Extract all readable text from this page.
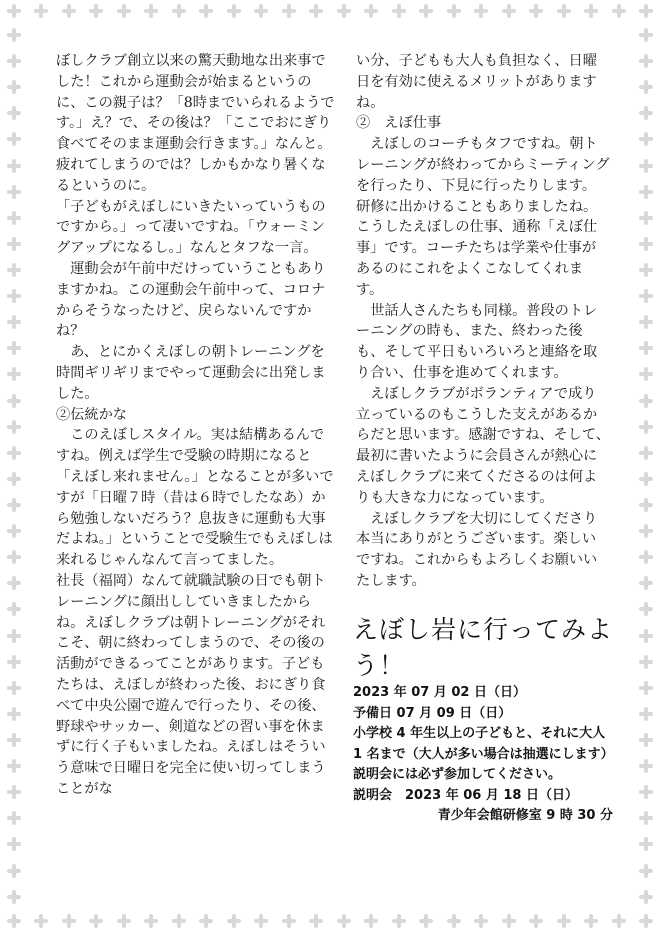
ぼしクラブ創立以来の驚天動地な出来事でした！これから運動会が始まるというのに、この親子は？「8時までいられるようです。」え？で、その後は？「ここでおにぎり食べてそのまま運動会行きます。」なんと。疲れてしまうのでは？しかもかなり暑くなるというのに。

「子どもがえぼしにいきたいっていうものですから。」って凄いですね。「ウォーミングアップになるし。」なんとタフな一言。

運動会が午前中だけっていうこともありますかね。この運動会午前中って、コロナからそうなったけど、戻らないんですかね？

あ、とにかくえぼしの朝トレーニングを時間ギリギリまでやって運動会に出発しました。

②伝統かな

このえぼしスタイル。実は結構あるんですね。例えば学生で受験の時期になると「えぼし来れません。」となることが多いですが「日曜７時（昔は６時でしたなあ）から勉強しないだろう？息抜きに運動も大事だよね。」ということで受験生でもえぼしは来れるじゃんなんて言ってました。

社長（福岡）なんて就職試験の日でも朝トレーニングに顔出ししていきましたからね。えぼしクラブは朝トレーニングがそれこそ、朝に終わってしまうので、その後の活動ができるってことがあります。子どもたちは、えぼしが終わった後、おにぎり食べて中央公園で遊んで行ったり、その後、野球やサッカー、剣道などの習い事を休まずに行く子もいましたね。えぼしはそういう意味で日曜日を完全に使い切ってしまうことがな

い分、子どもも大人も負担なく、日曜日を有効に使えるメリットがありますね。

②　えぼ仕事

えぼしのコーチもタフですね。朝トレーニングが終わってからミーティングを行ったり、下見に行ったりします。研修に出かけることもありましたね。こうしたえぼしの仕事、通称「えぼ仕事」です。コーチたちは学業や仕事があるのにこれをよくこなしてくれます。

世話人さんたちも同様。普段のトレーニングの時も、また、終わった後も、そして平日もいろいろと連絡を取り合い、仕事を進めてくれます。

えぼしクラブがボランティアで成り立っているのもこうした支えがあるからだと思います。感謝ですね、そして、最初に書いたように会員さんが熱心にえぼしクラブに来てくださるのは何よりも大きな力になっています。

えぼしクラブを大切にしてくださり本当にありがとうございます。楽しいですね。これからもよろしくお願いいたします。

えぼし岩に行ってみよう！

2023 年 07 月 02 日（日）

予備日 07 月 09 日（日）

小学校 4 年生以上の子どもと、それに大人 1 名まで（大人が多い場合は抽選にします）

説明会には必ず参加してください。

説明会　2023 年 06 月 18 日（日）

青少年会館研修室 9 時 30 分
